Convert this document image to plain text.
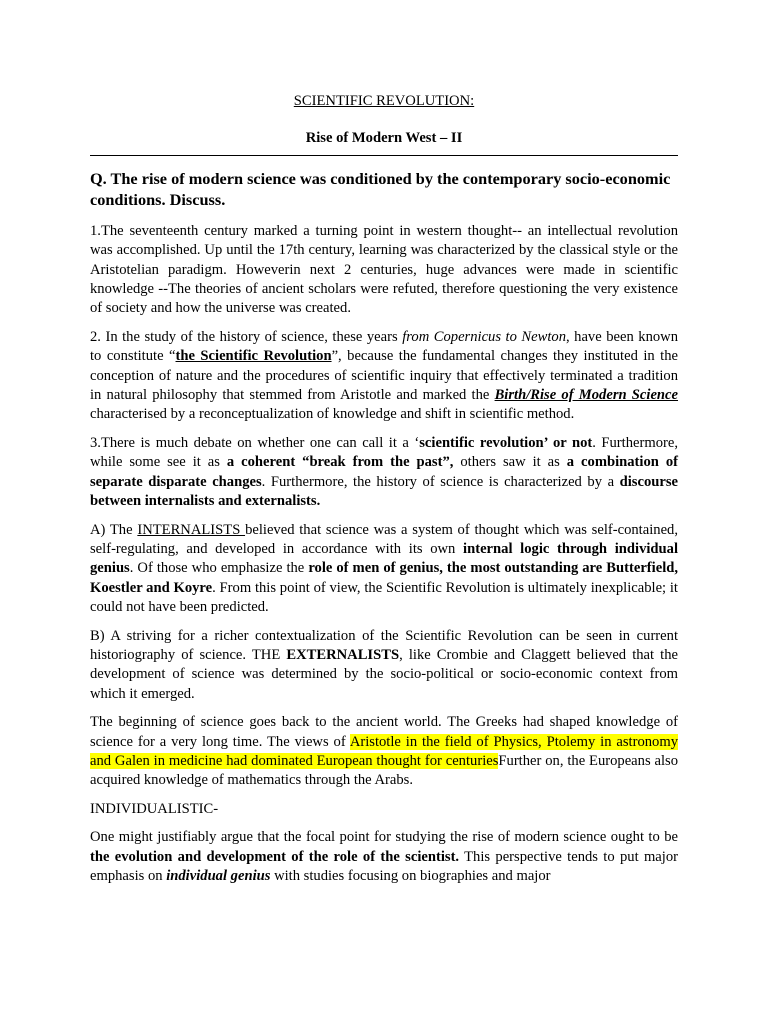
SCIENTIFIC REVOLUTION:
Rise of Modern West – II
Q. The rise of modern science was conditioned by the contemporary socio-economic conditions. Discuss.

1.The seventeenth century marked a turning point in western thought-- an intellectual revolution was accomplished. Up until the 17th century, learning was characterized by the classical style or the Aristotelian paradigm. Howeverin next 2 centuries, huge advances were made in scientific knowledge --The theories of ancient scholars were refuted, therefore questioning the very existence of society and how the universe was created.

2. In the study of the history of science, these years from Copernicus to Newton, have been known to constitute “the Scientific Revolution”, because the fundamental changes they instituted in the conception of nature and the procedures of scientific inquiry that effectively terminated a tradition in natural philosophy that stemmed from Aristotle and marked the Birth/Rise of Modern Science characterised by a reconceptualization of knowledge and shift in scientific method.

3.There is much debate on whether one can call it a ‘scientific revolution’ or not. Furthermore, while some see it as a coherent “break from the past”, others saw it as a combination of separate disparate changes. Furthermore, the history of science is characterized by a discourse between internalists and externalists.

A) The INTERNALISTS believed that science was a system of thought which was self-contained, self-regulating, and developed in accordance with its own internal logic through individual genius. Of those who emphasize the role of men of genius, the most outstanding are Butterfield, Koestler and Koyre. From this point of view, the Scientific Revolution is ultimately inexplicable; it could not have been predicted.

B) A striving for a richer contextualization of the Scientific Revolution can be seen in current historiography of science. THE EXTERNALISTS, like Crombie and Claggett believed that the development of science was determined by the socio-political or socio-economic context from which it emerged.

The beginning of science goes back to the ancient world. The Greeks had shaped knowledge of science for a very long time. The views of Aristotle in the field of Physics, Ptolemy in astronomy and Galen in medicine had dominated European thought for centuriesFurther on, the Europeans also acquired knowledge of mathematics through the Arabs.

INDIVIDUALISTIC-

One might justifiably argue that the focal point for studying the rise of modern science ought to be the evolution and development of the role of the scientist. This perspective tends to put major emphasis on individual genius with studies focusing on biographies and major
